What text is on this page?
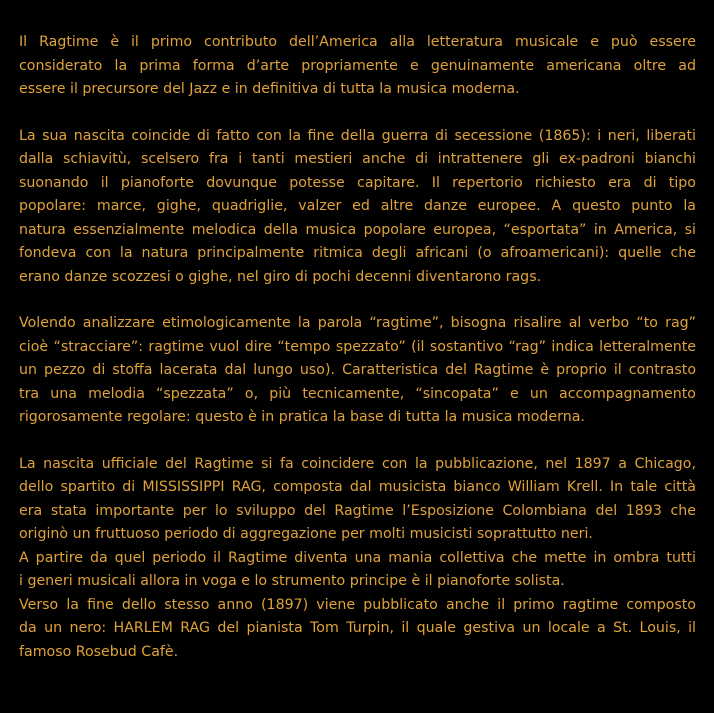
Il Ragtime è il primo contributo dell’America alla letteratura musicale e può essere
considerato la prima forma d’arte propriamente e genuinamente americana oltre ad
essere il precursore del Jazz e in definitiva di tutta la musica moderna.

La sua nascita coincide di fatto con la fine della guerra di secessione (1865): i neri, liberati
dalla schiavitù, scelsero fra i tanti mestieri anche di intrattenere gli ex-padroni bianchi
suonando il pianoforte dovunque potesse capitare. Il repertorio richiesto era di tipo
popolare: marce, gighe, quadriglie, valzer ed altre danze europee. A questo punto la
natura essenzialmente melodica della musica popolare europea, “esportata” in America, si
fondeva con la natura principalmente ritmica degli africani (o afroamericani): quelle che
erano danze scozzesi o gighe, nel giro di pochi decenni diventarono rags.

Volendo analizzare etimologicamente la parola “ragtime”, bisogna risalire al verbo “to rag”
cioè “stracciare”: ragtime vuol dire “tempo spezzato” (il sostantivo “rag” indica letteralmente
un pezzo di stoffa lacerata dal lungo uso). Caratteristica del Ragtime è proprio il contrasto
tra una melodia “spezzata” o, più tecnicamente, “sincopata” e un accompagnamento
rigorosamente regolare: questo è in pratica la base di tutta la musica moderna.

La nascita ufficiale del Ragtime si fa coincidere con la pubblicazione, nel 1897 a Chicago,
dello spartito di MISSISSIPPI RAG, composta dal musicista bianco William Krell. In tale città
era stata importante per lo sviluppo del Ragtime l’Esposizione Colombiana del 1893 che
originò un fruttuoso periodo di aggregazione per molti musicisti soprattutto neri.
A partire da quel periodo il Ragtime diventa una mania collettiva che mette in ombra tutti
i generi musicali allora in voga e lo strumento principe è il pianoforte solista.
Verso la fine dello stesso anno (1897) viene pubblicato anche il primo ragtime composto
da un nero: HARLEM RAG del pianista Tom Turpin, il quale gestiva un locale a St. Louis, il
famoso Rosebud Cafè.
